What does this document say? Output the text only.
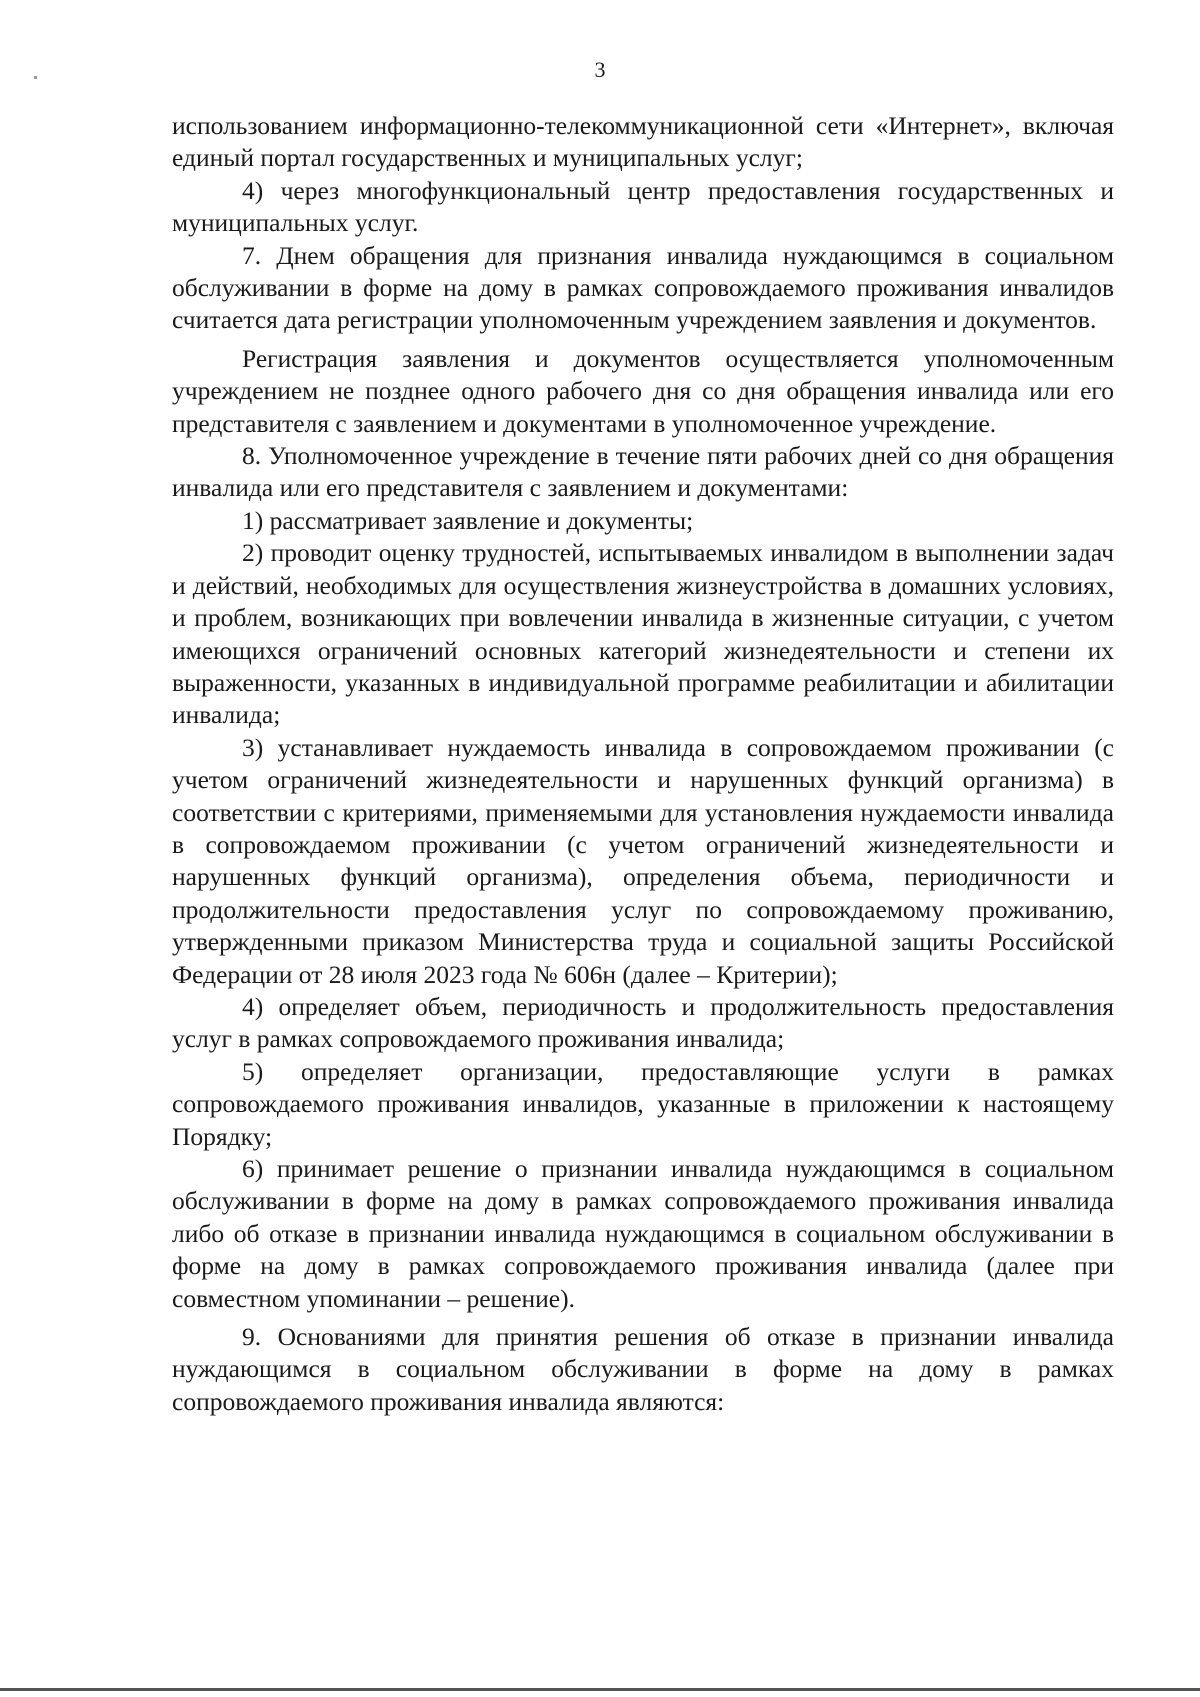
3

использованием информационно-телекоммуникационной сети «Интернет», включая единый портал государственных и муниципальных услуг;

4) через многофункциональный центр предоставления государственных и муниципальных услуг.

7. Днем обращения для признания инвалида нуждающимся в социальном обслуживании в форме на дому в рамках сопровождаемого проживания инвалидов считается дата регистрации уполномоченным учреждением заявления и документов.

Регистрация заявления и документов осуществляется уполномоченным учреждением не позднее одного рабочего дня со дня обращения инвалида или его представителя с заявлением и документами в уполномоченное учреждение.

8. Уполномоченное учреждение в течение пяти рабочих дней со дня обращения инвалида или его представителя с заявлением и документами:

1) рассматривает заявление и документы;

2) проводит оценку трудностей, испытываемых инвалидом в выполнении задач и действий, необходимых для осуществления жизнеустройства в домашних условиях, и проблем, возникающих при вовлечении инвалида в жизненные ситуации, с учетом имеющихся ограничений основных категорий жизнедеятельности и степени их выраженности, указанных в индивидуальной программе реабилитации и абилитации инвалида;

3) устанавливает нуждаемость инвалида в сопровождаемом проживании (с учетом ограничений жизнедеятельности и нарушенных функций организма) в соответствии с критериями, применяемыми для установления нуждаемости инвалида в сопровождаемом проживании (с учетом ограничений жизнедеятельности и нарушенных функций организма), определения объема, периодичности и продолжительности предоставления услуг по сопровождаемому проживанию, утвержденными приказом Министерства труда и социальной защиты Российской Федерации от 28 июля 2023 года № 606н (далее – Критерии);

4) определяет объем, периодичность и продолжительность предоставления услуг в рамках сопровождаемого проживания инвалида;

5) определяет организации, предоставляющие услуги в рамках сопровождаемого проживания инвалидов, указанные в приложении к настоящему Порядку;

6) принимает решение о признании инвалида нуждающимся в социальном обслуживании в форме на дому в рамках сопровождаемого проживания инвалида либо об отказе в признании инвалида нуждающимся в социальном обслуживании в форме на дому в рамках сопровождаемого проживания инвалида (далее при совместном упоминании – решение).

9. Основаниями для принятия решения об отказе в признании инвалида нуждающимся в социальном обслуживании в форме на дому в рамках сопровождаемого проживания инвалида являются:
